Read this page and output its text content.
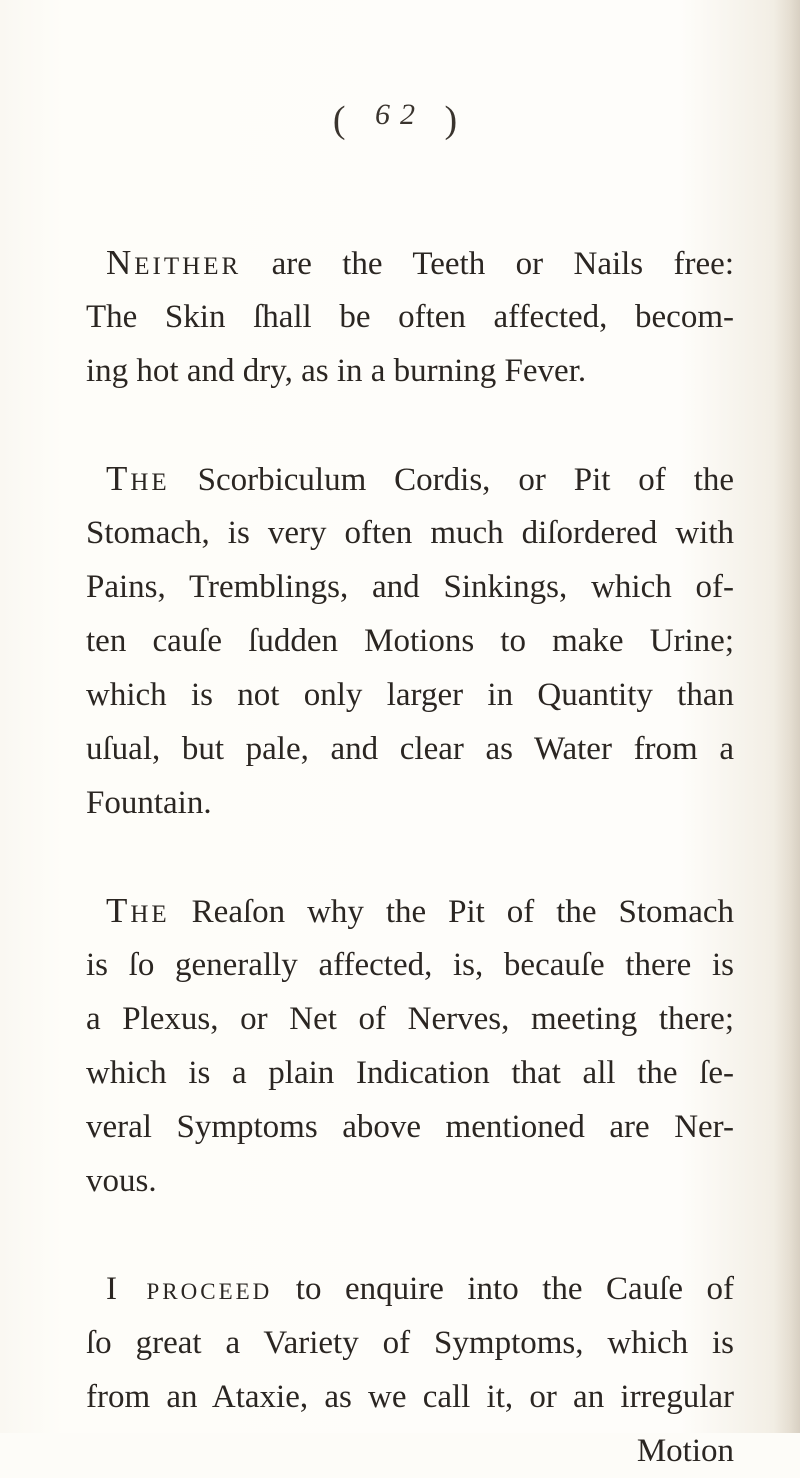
( $^{62}$ )
Neither are the Teeth or Nails free:
The Skin ſhall be often affected, becom-
ing hot and dry, as in a burning Fever.
The Scorbiculum Cordis, or Pit of the
Stomach, is very often much diſordered with
Pains, Tremblings, and Sinkings, which of-
ten cauſe ſudden Motions to make Urine;
which is not only larger in Quantity than
uſual, but pale, and clear as Water from a
Fountain.
The Reaſon why the Pit of the Stomach
is ſo generally affected, is, becauſe there is
a Plexus, or Net of Nerves, meeting there;
which is a plain Indication that all the ſe-
veral Symptoms above mentioned are Ner-
vous.
I proceed to enquire into the Cauſe of
ſo great a Variety of Symptoms, which is
from an Ataxie, as we call it, or an irregular
Motion
